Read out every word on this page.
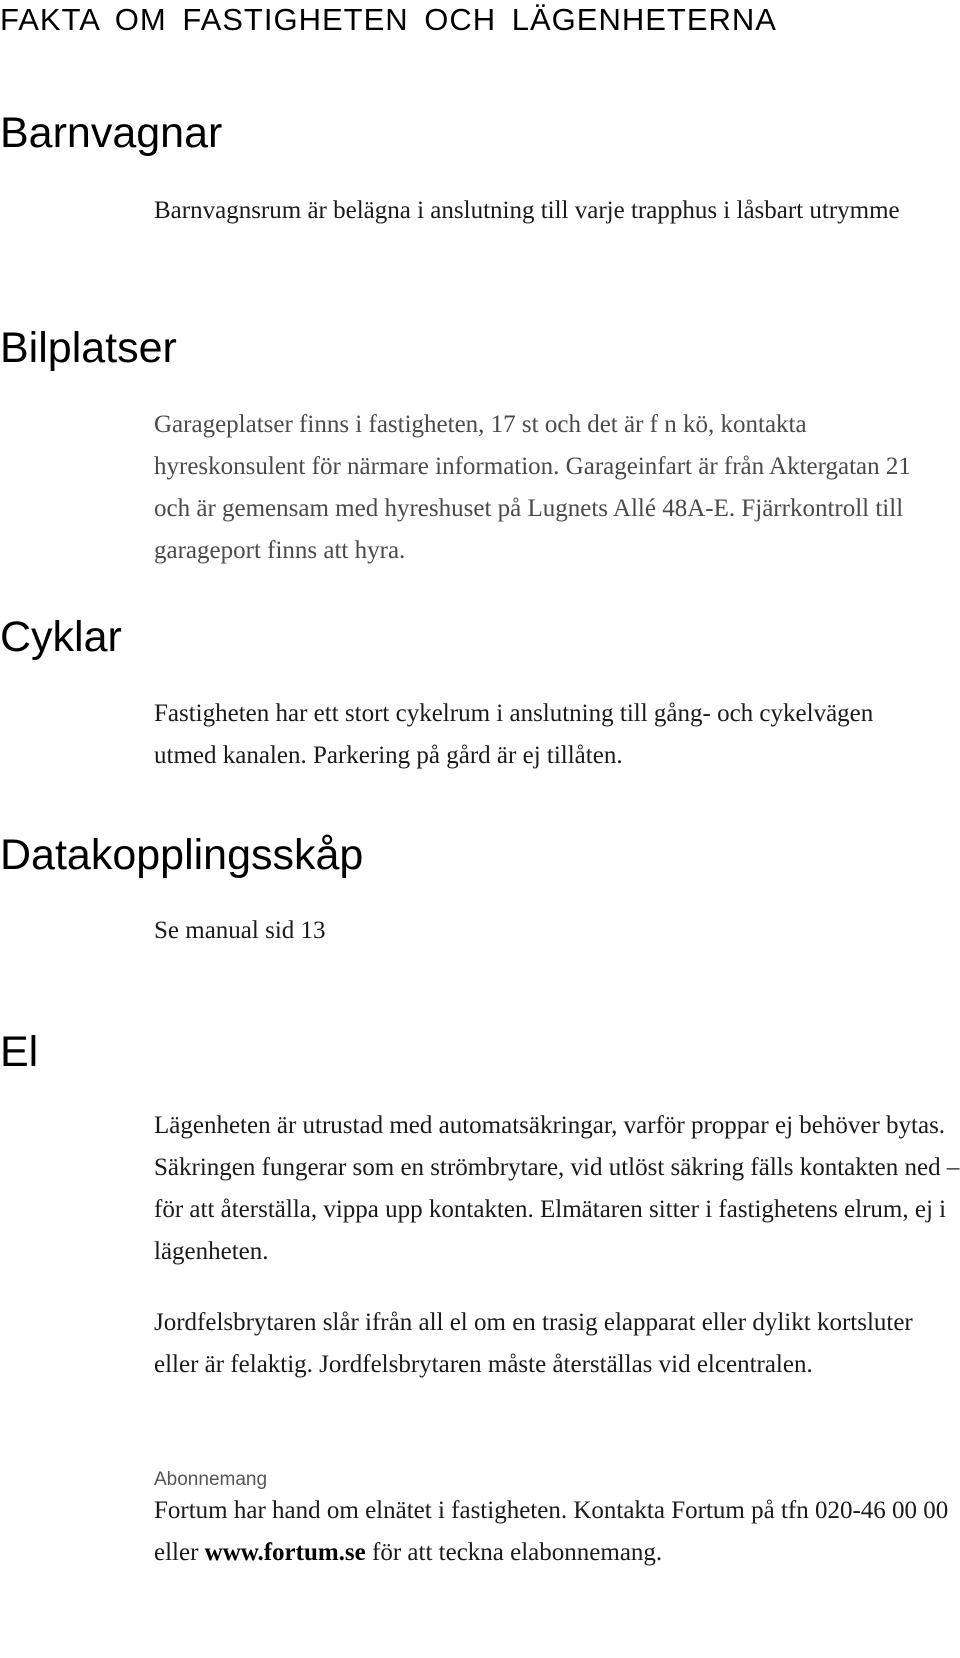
FAKTA OM FASTIGHETEN OCH LÄGENHETERNA
Barnvagnar

Barnvagnsrum är belägna i anslutning till varje trapphus i låsbart utrymme

Bilplatser

Garageplatser finns i fastigheten, 17 st och det är f n kö, kontakta hyreskonsulent för närmare information. Garageinfart är från Aktergatan 21 och är gemensam med hyreshuset på Lugnets Allé 48A-E. Fjärrkontroll till garageport finns att hyra.

Cyklar

Fastigheten har ett stort cykelrum i anslutning till gång- och cykelvägen utmed kanalen. Parkering på gård är ej tillåten.

Datakopplingsskåp

Se manual sid 13

El

Lägenheten är utrustad med automatsäkringar, varför proppar ej behöver bytas. Säkringen fungerar som en strömbrytare, vid utlöst säkring fälls kontakten ned – för att återställa, vippa upp kontakten. Elmätaren sitter i fastighetens elrum, ej i lägenheten.

Jordfelsbrytaren slår ifrån all el om en trasig elapparat eller dylikt kortsluter eller är felaktig. Jordfelsbrytaren måste återställas vid elcentralen.

Abonnemang

Fortum har hand om elnätet i fastigheten. Kontakta Fortum på tfn 020-46 00 00 eller www.fortum.se för att teckna elabonnemang.
